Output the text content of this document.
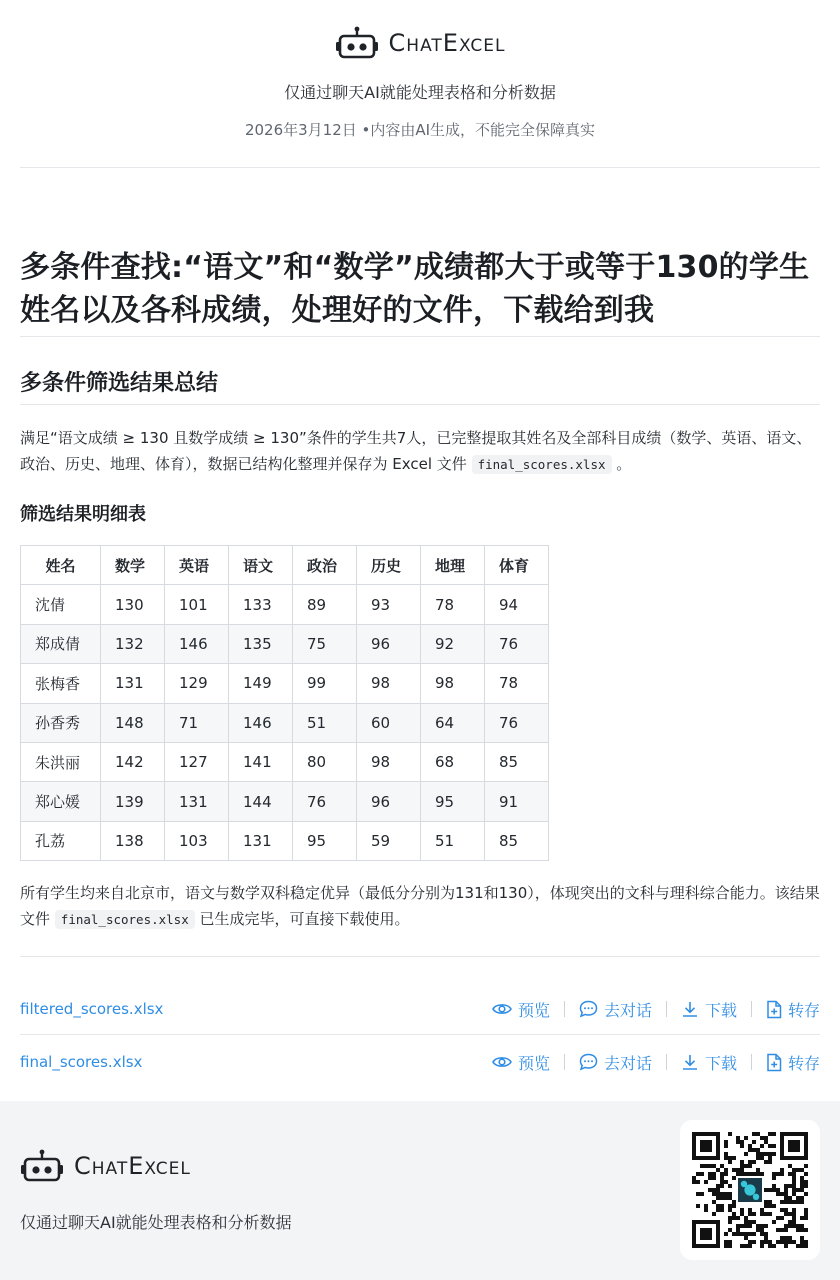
ChatExcel
仅通过聊天AI就能处理表格和分析数据
2026年3月12日 •内容由AI生成，不能完全保障真实
多条件查找:“语文”和“数学”成绩都大于或等于130的学生姓名以及各科成绩，处理好的文件，下载给到我
多条件筛选结果总结
满足“语文成绩 ≥ 130 且数学成绩 ≥ 130”条件的学生共7人，已完整提取其姓名及全部科目成绩（数学、英语、语文、政治、历史、地理、体育），数据已结构化整理并保存为 Excel 文件 final_scores.xlsx 。
筛选结果明细表
姓名	数学	英语	语文	政治	历史	地理	体育
沈倩	130	101	133	89	93	78	94
郑成倩	132	146	135	75	96	92	76
张梅香	131	129	149	99	98	98	78
孙香秀	148	71	146	51	60	64	76
朱洪丽	142	127	141	80	98	68	85
郑心媛	139	131	144	76	96	95	91
孔荔	138	103	131	95	59	51	85
所有学生均来自北京市，语文与数学双科稳定优异（最低分分别为131和130），体现突出的文科与理科综合能力。该结果文件 final_scores.xlsx 已生成完毕，可直接下载使用。
filtered_scores.xlsx	预览	去对话	下载	转存
final_scores.xlsx	预览	去对话	下载	转存
ChatExcel
仅通过聊天AI就能处理表格和分析数据
